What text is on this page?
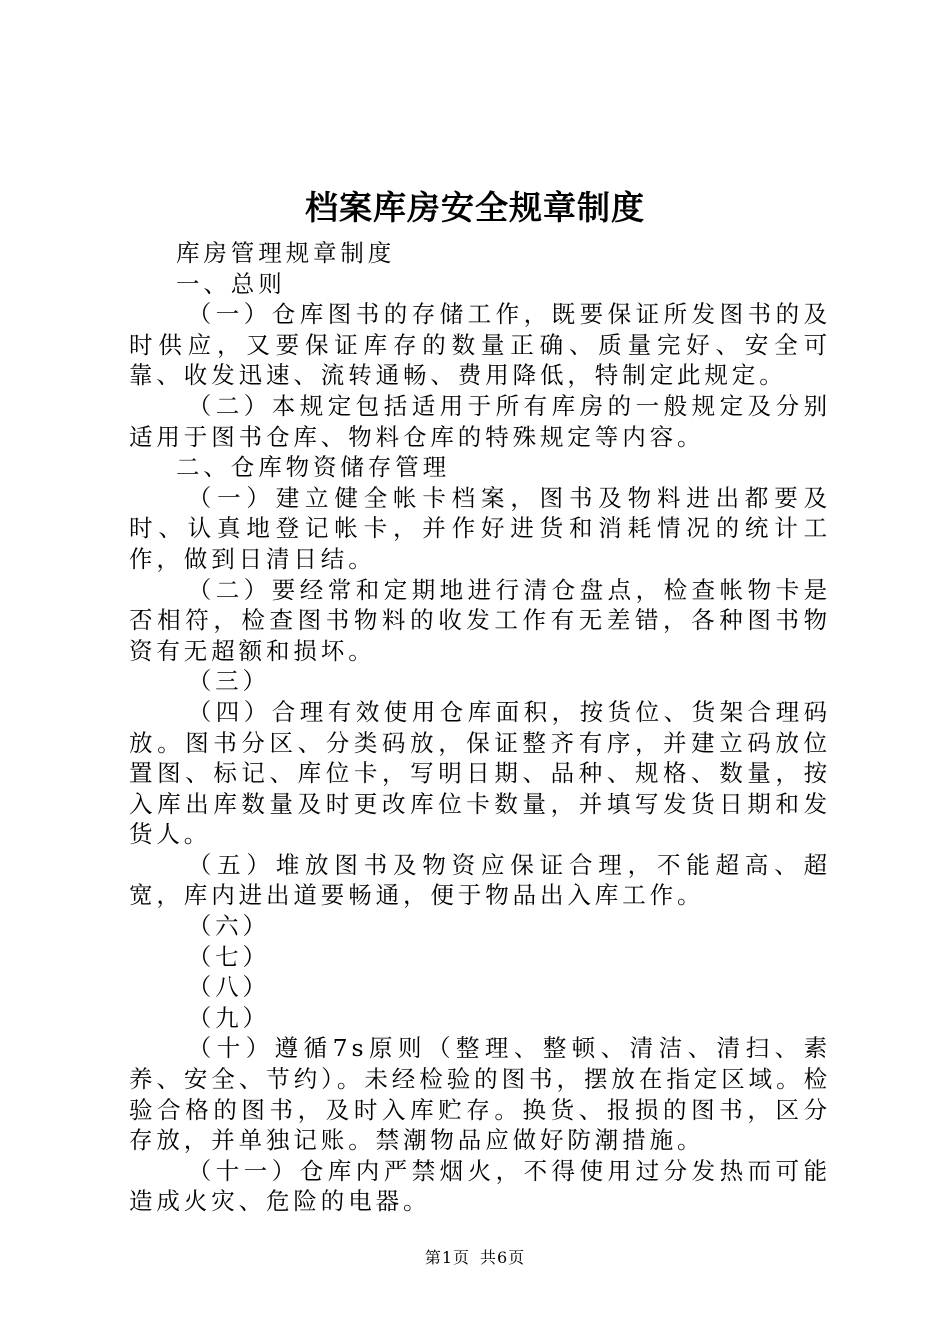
档案库房安全规章制度

库房管理规章制度

一、总则

（一）仓库图书的存储工作，既要保证所发图书的及时供应，又要保证库存的数量正确、质量完好、安全可靠、收发迅速、流转通畅、费用降低，特制定此规定。

（二）本规定包括适用于所有库房的一般规定及分别适用于图书仓库、物料仓库的特殊规定等内容。

二、仓库物资储存管理

（一）建立健全帐卡档案，图书及物料进出都要及时、认真地登记帐卡，并作好进货和消耗情况的统计工作，做到日清日结。

（二）要经常和定期地进行清仓盘点，检查帐物卡是否相符，检查图书物料的收发工作有无差错，各种图书物资有无超额和损坏。

（三）

（四）合理有效使用仓库面积，按货位、货架合理码放。图书分区、分类码放，保证整齐有序，并建立码放位置图、标记、库位卡，写明日期、品种、规格、数量，按入库出库数量及时更改库位卡数量，并填写发货日期和发货人。

（五）堆放图书及物资应保证合理，不能超高、超宽，库内进出道要畅通，便于物品出入库工作。

（六）

（七）

（八）

（九）

（十）遵循7s原则（整理、整顿、清洁、清扫、素养、安全、节约）。未经检验的图书，摆放在指定区域。检验合格的图书，及时入库贮存。换货、报损的图书，区分存放，并单独记账。禁潮物品应做好防潮措施。

（十一）仓库内严禁烟火，不得使用过分发热而可能造成火灾、危险的电器。

第1页 共6页
